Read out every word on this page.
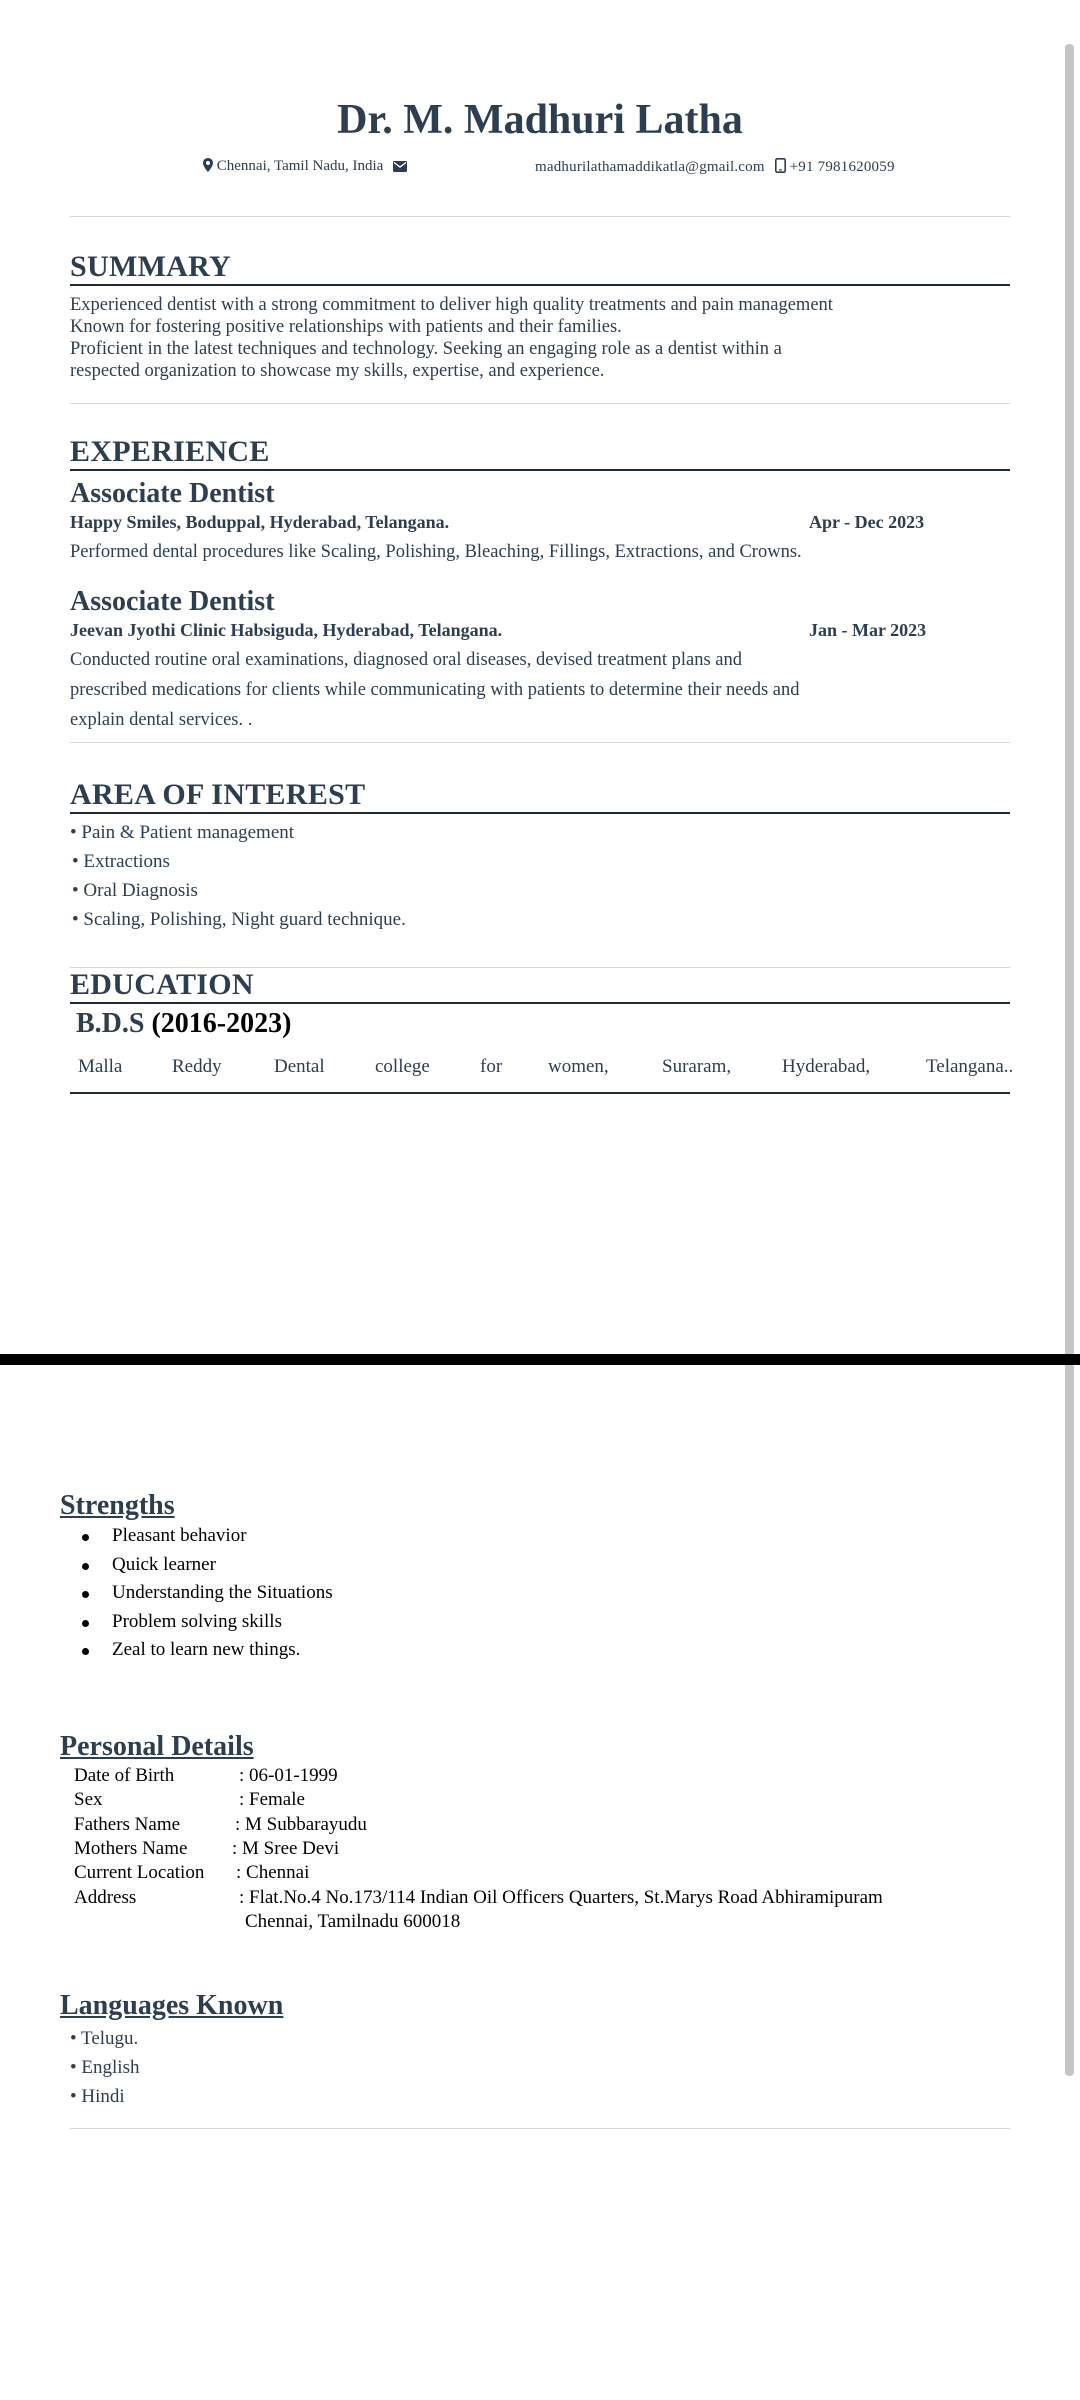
Dr. M. Madhuri Latha
Chennai, Tamil Nadu, India	madhurilathamaddikatla@gmail.com +91 7981620059
SUMMARY
Experienced dentist with a strong commitment to deliver high quality treatments and pain management
Known for fostering positive relationships with patients and their families.
Proficient in the latest techniques and technology. Seeking an engaging role as a dentist within a
respected organization to showcase my skills, expertise, and experience.
EXPERIENCE
Associate Dentist
Happy Smiles, Boduppal, Hyderabad, Telangana.	Apr - Dec 2023
Performed dental procedures like Scaling, Polishing, Bleaching, Fillings, Extractions, and Crowns.
Associate Dentist
Jeevan Jyothi Clinic Habsiguda, Hyderabad, Telangana.	Jan - Mar 2023
Conducted routine oral examinations, diagnosed oral diseases, devised treatment plans and
prescribed medications for clients while communicating with patients to determine their needs and
explain dental services. .
AREA OF INTEREST
• Pain & Patient management
• Extractions
• Oral Diagnosis
• Scaling, Polishing, Night guard technique.
EDUCATION
B.D.S (2016-2023)
Malla	Reddy	Dental	college	for women,	Suraram,	Hyderabad,	Telangana..
Strengths
Pleasant behavior
Quick learner
Understanding the Situations
Problem solving skills
Zeal to learn new things.
Personal Details
Date of Birth	: 06-01-1999
Sex	: Female
Fathers Name	: M Subbarayudu
Mothers Name : M Sree Devi
Current Location : Chennai
Address	: Flat.No.4 No.173/114 Indian Oil Officers Quarters, St.Marys Road Abhiramipuram
Chennai, Tamilnadu 600018
Languages Known
• Telugu.
• English
• Hindi
